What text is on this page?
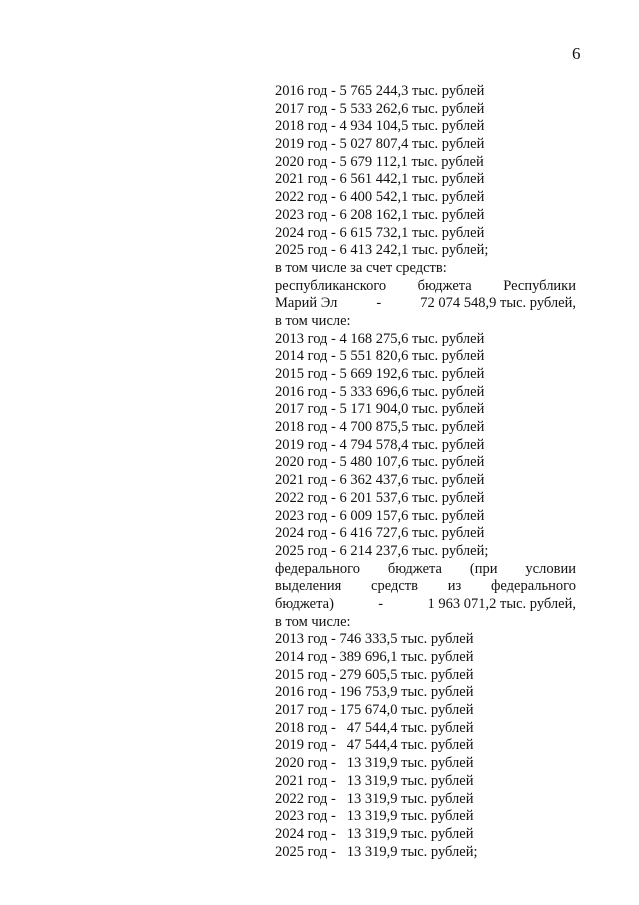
6
2016 год - 5 765 244,3 тыс. рублей
2017 год - 5 533 262,6 тыс. рублей
2018 год - 4 934 104,5 тыс. рублей
2019 год - 5 027 807,4 тыс. рублей
2020 год - 5 679 112,1 тыс. рублей
2021 год - 6 561 442,1 тыс. рублей
2022 год - 6 400 542,1 тыс. рублей
2023 год - 6 208 162,1 тыс. рублей
2024 год - 6 615 732,1 тыс. рублей
2025 год - 6 413 242,1 тыс. рублей;
в том числе за счет средств:
республиканского бюджета Республики
Марий Эл	-	72 074 548,9 тыс. рублей,
в том числе:
2013 год - 4 168 275,6 тыс. рублей
2014 год - 5 551 820,6 тыс. рублей
2015 год - 5 669 192,6 тыс. рублей
2016 год - 5 333 696,6 тыс. рублей
2017 год - 5 171 904,0 тыс. рублей
2018 год - 4 700 875,5 тыс. рублей
2019 год - 4 794 578,4 тыс. рублей
2020 год - 5 480 107,6 тыс. рублей
2021 год - 6 362 437,6 тыс. рублей
2022 год - 6 201 537,6 тыс. рублей
2023 год - 6 009 157,6 тыс. рублей
2024 год - 6 416 727,6 тыс. рублей
2025 год - 6 214 237,6 тыс. рублей;
федерального бюджета (при условии
выделения средств из федерального
бюджета)	-	1 963 071,2 тыс. рублей,
в том числе:
2013 год - 746 333,5 тыс. рублей
2014 год - 389 696,1 тыс. рублей
2015 год - 279 605,5 тыс. рублей
2016 год - 196 753,9 тыс. рублей
2017 год - 175 674,0 тыс. рублей
2018 год -   47 544,4 тыс. рублей
2019 год -   47 544,4 тыс. рублей
2020 год -   13 319,9 тыс. рублей
2021 год -   13 319,9 тыс. рублей
2022 год -   13 319,9 тыс. рублей
2023 год -   13 319,9 тыс. рублей
2024 год -   13 319,9 тыс. рублей
2025 год -   13 319,9 тыс. рублей;
